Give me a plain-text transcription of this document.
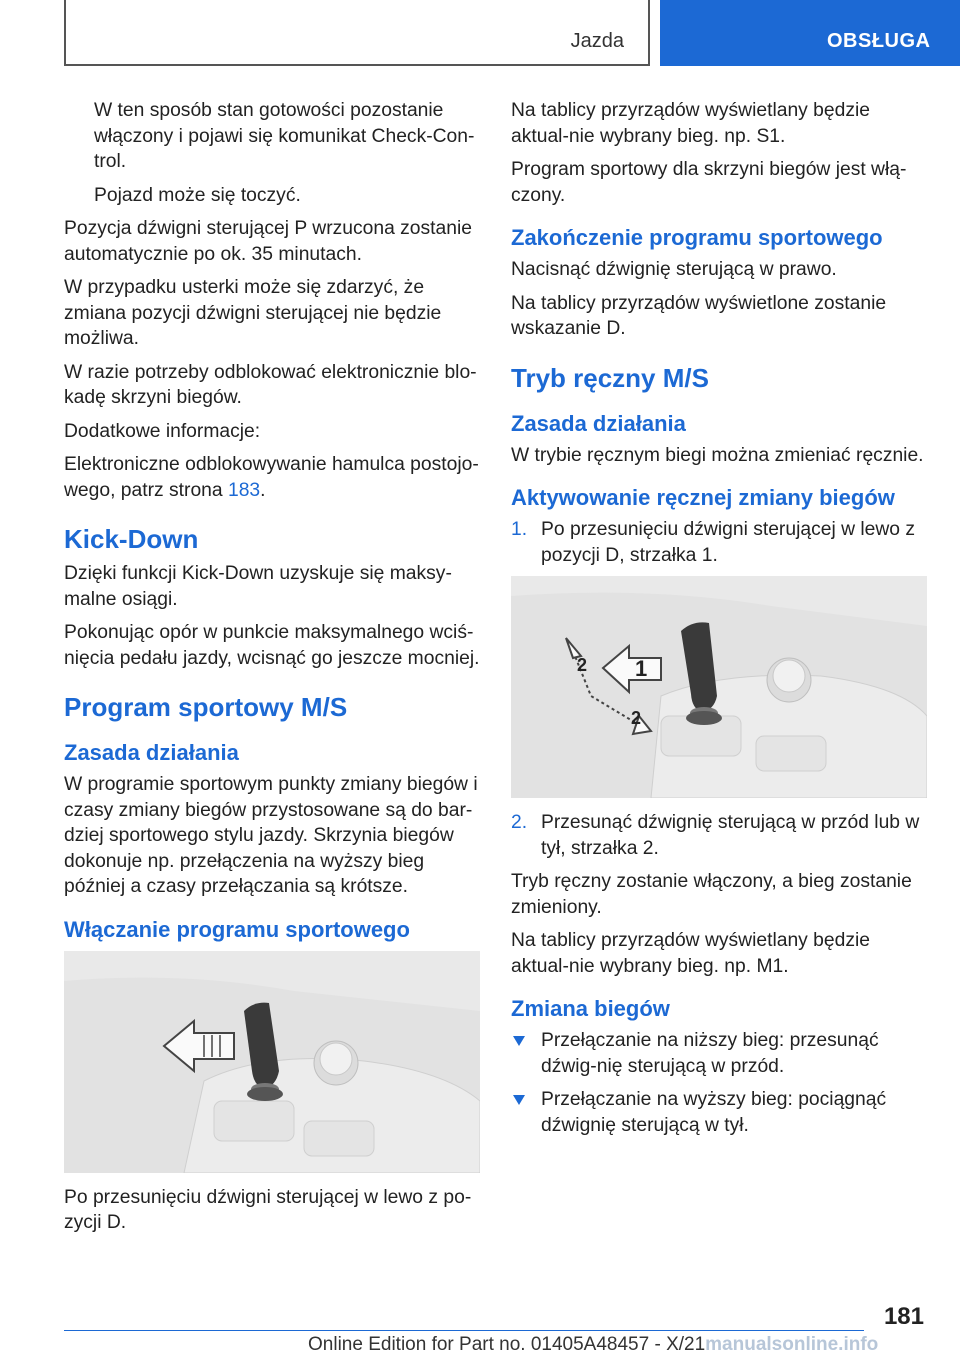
Jazda	OBSŁUGA

W ten sposób stan gotowości pozostanie włączony i pojawi się komunikat Check-Con-trol.

Pojazd może się toczyć.

Pozycja dźwigni sterującej P wrzucona zostanie automatycznie po ok. 35 minutach.

W przypadku usterki może się zdarzyć, że zmiana pozycji dźwigni sterującej nie będzie możliwa.

W razie potrzeby odblokować elektronicznie blo-kadę skrzyni biegów.

Dodatkowe informacje:

Elektroniczne odblokowywanie hamulca postojo-wego, patrz strona 183.

Kick-Down

Dzięki funkcji Kick-Down uzyskuje się maksy-malne osiągi.

Pokonując opór w punkcie maksymalnego wciś-nięcia pedału jazdy, wcisnąć go jeszcze mocniej.

Program sportowy M/S
Zasada działania

W programie sportowym punkty zmiany biegów i czasy zmiany biegów przystosowane są do bar-dziej sportowego stylu jazdy. Skrzynia biegów dokonuje np. przełączenia na wyższy bieg później a czasy przełączania są krótsze.

Włączanie programu sportowego

Po przesunięciu dźwigni sterującej w lewo z po-zycji D.

Na tablicy przyrządów wyświetlany będzie aktual-nie wybrany bieg. np. S1.

Program sportowy dla skrzyni biegów jest włą-czony.

Zakończenie programu sportowego

Nacisnąć dźwignię sterującą w prawo.

Na tablicy przyrządów wyświetlone zostanie wskazanie D.

Tryb ręczny M/S
Zasada działania

W trybie ręcznym biegi można zmieniać ręcznie.

Aktywowanie ręcznej zmiany biegów
1. Po przesunięciu dźwigni sterującej w lewo z pozycji D, strzałka 1.
1
2
2
2. Przesunąć dźwignię sterującą w przód lub w tył, strzałka 2.

Tryb ręczny zostanie włączony, a bieg zostanie zmieniony.

Na tablicy przyrządów wyświetlany będzie aktual-nie wybrany bieg. np. M1.

Zmiana biegów
Przełączanie na niższy bieg: przesunąć dźwig-nię sterującą w przód.
Przełączanie na wyższy bieg: pociągnąć dźwignię sterującą w tył.
181
Online Edition for Part no. 01405A48457 - X/21manualsonline.info
